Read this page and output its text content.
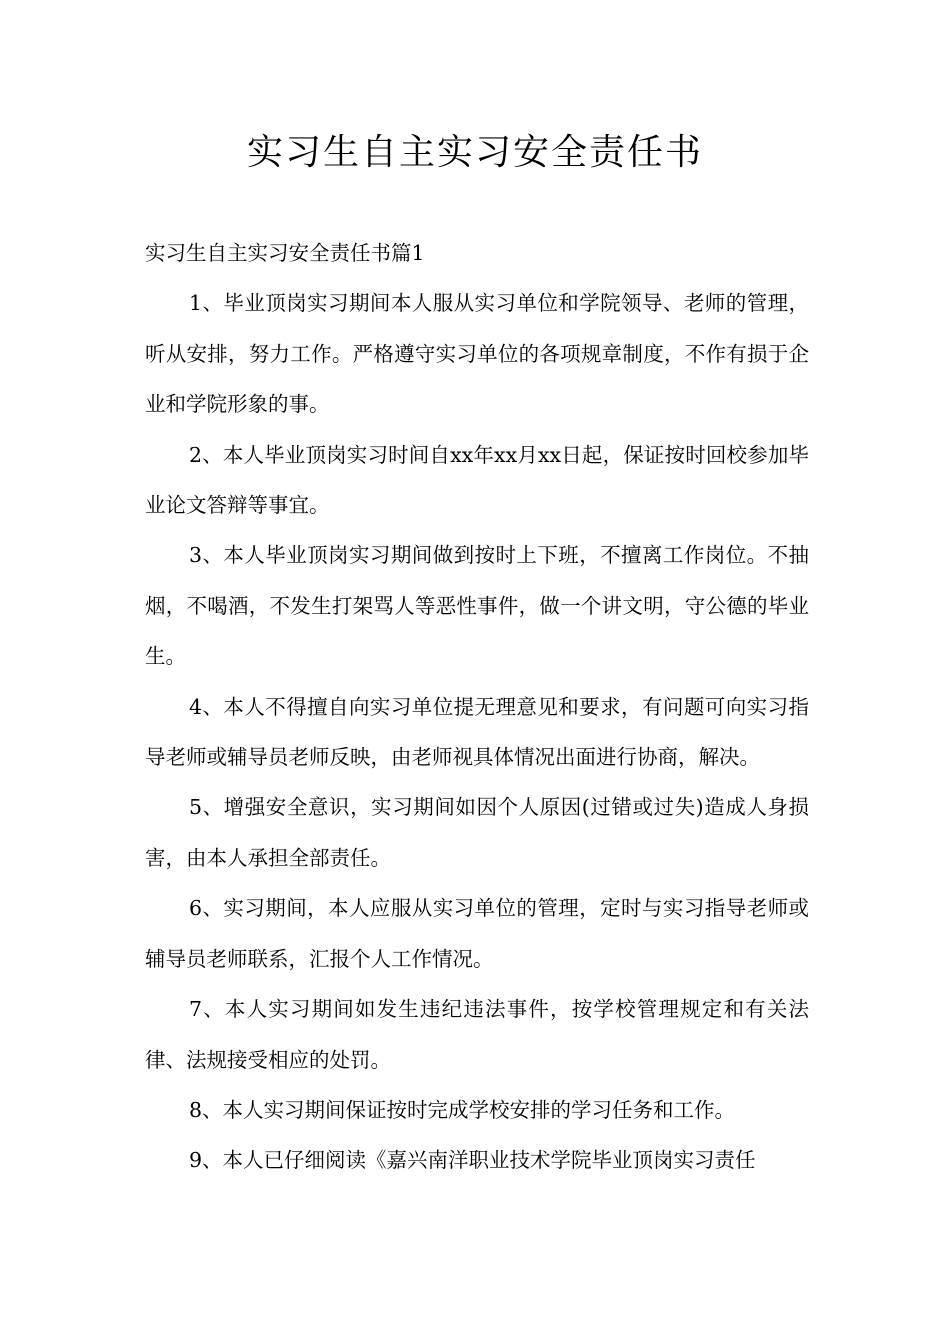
实习生自主实习安全责任书

实习生自主实习安全责任书篇1

1、毕业顶岗实习期间本人服从实习单位和学院领导、老师的管理，听从安排，努力工作。严格遵守实习单位的各项规章制度，不作有损于企业和学院形象的事。

2、本人毕业顶岗实习时间自xx年xx月xx日起，保证按时回校参加毕业论文答辩等事宜。

3、本人毕业顶岗实习期间做到按时上下班，不擅离工作岗位。不抽烟，不喝酒，不发生打架骂人等恶性事件，做一个讲文明，守公德的毕业生。

4、本人不得擅自向实习单位提无理意见和要求，有问题可向实习指导老师或辅导员老师反映，由老师视具体情况出面进行协商，解决。

5、增强安全意识，实习期间如因个人原因(过错或过失)造成人身损害，由本人承担全部责任。

6、实习期间，本人应服从实习单位的管理，定时与实习指导老师或辅导员老师联系，汇报个人工作情况。

7、本人实习期间如发生违纪违法事件，按学校管理规定和有关法律、法规接受相应的处罚。

8、本人实习期间保证按时完成学校安排的学习任务和工作。

9、本人已仔细阅读《嘉兴南洋职业技术学院毕业顶岗实习责任
